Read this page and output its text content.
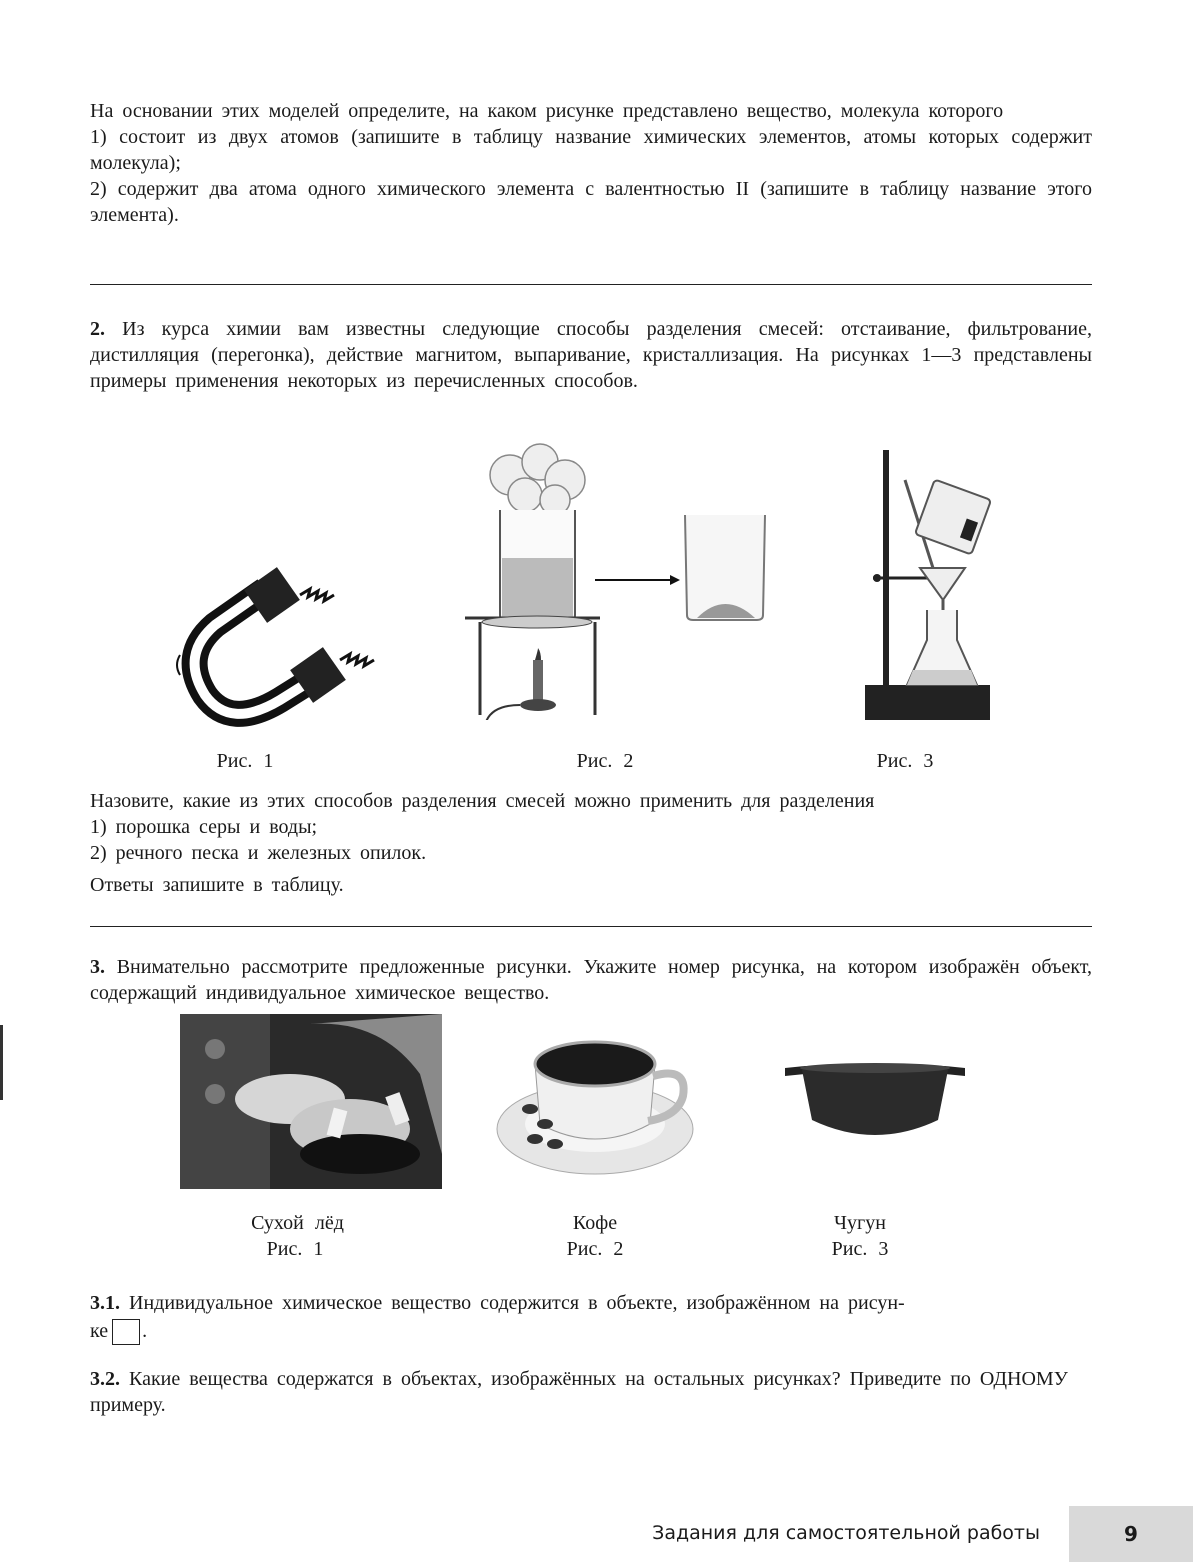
На основании этих моделей определите, на каком рисунке представлено вещество, молекула которого
1) состоит из двух атомов (запишите в таблицу название химических элементов, атомы которых содержит молекула);
2) содержит два атома одного химического элемента с валентностью II (запишите в таблицу название этого элемента).
2. Из курса химии вам известны следующие способы разделения смесей: отстаивание, фильтрование, дистилляция (перегонка), действие магнитом, выпаривание, кристаллизация. На рисунках 1—3 представлены примеры применения некоторых из перечисленных способов.
Рис. 1	Рис. 2	Рис. 3
Назовите, какие из этих способов разделения смесей можно применить для разделения
1) порошка серы и воды;
2) речного песка и железных опилок.
Ответы запишите в таблицу.
3. Внимательно рассмотрите предложенные рисунки. Укажите номер рисунка, на котором изображён объект, содержащий индивидуальное химическое вещество.
Сухой лёд
Рис. 1
Кофе
Рис. 2
Чугун
Рис. 3
3.1. Индивидуальное химическое вещество содержится в объекте, изображённом на рисун-
ке .
3.2. Какие вещества содержатся в объектах, изображённых на остальных рисунках? Приведите по ОДНОМУ примеру.
Задания для самостоятельной работы	9
